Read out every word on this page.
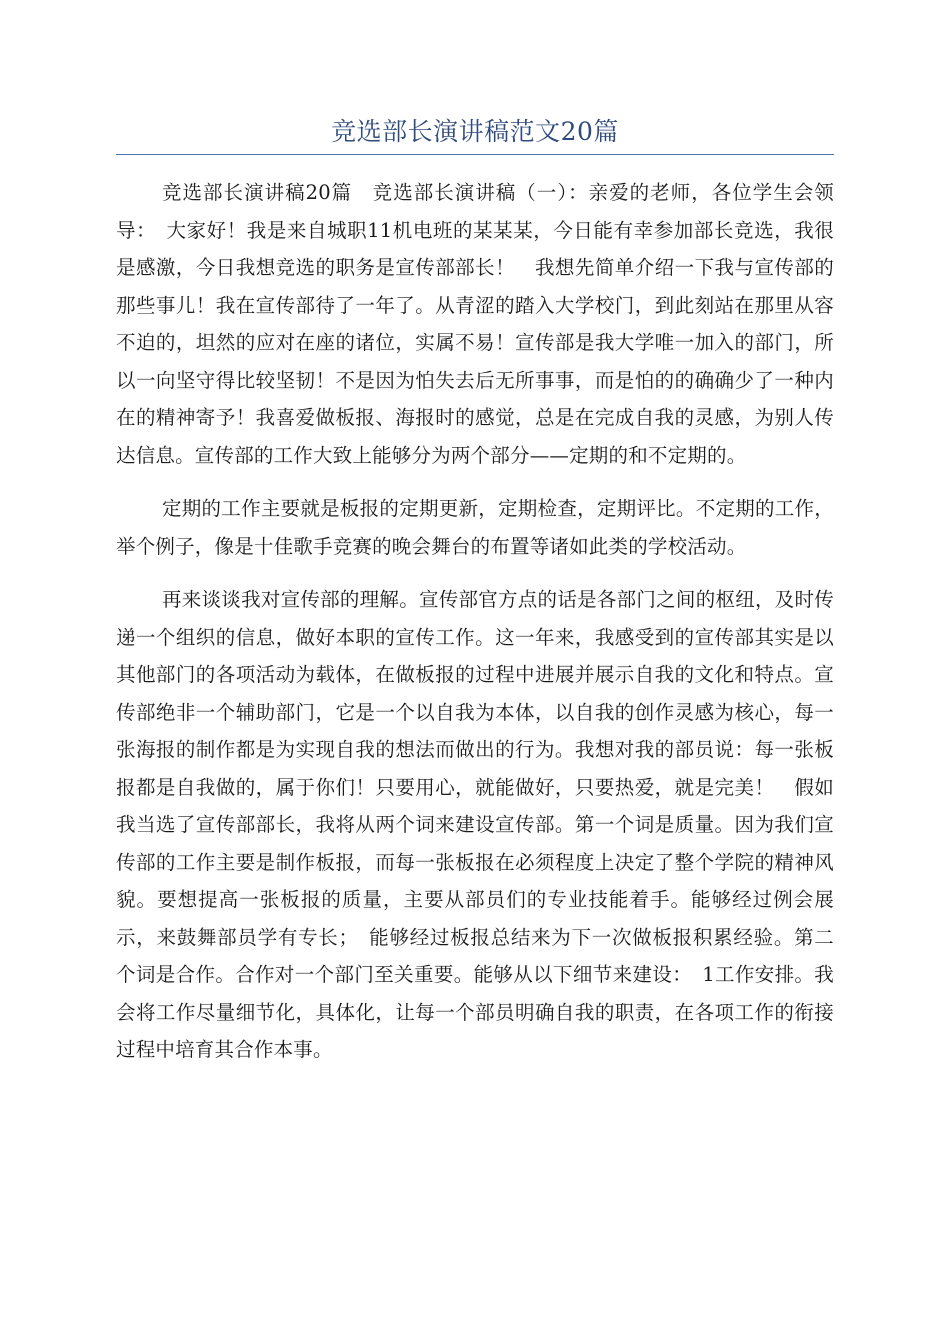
竞选部长演讲稿范文20篇

竞选部长演讲稿20篇　竞选部长演讲稿（一）：亲爱的老师，各位学生会领导：　大家好！我是来自城职11机电班的某某某，今日能有幸参加部长竞选，我很是感激，今日我想竞选的职务是宣传部部长！　我想先简单介绍一下我与宣传部的那些事儿！我在宣传部待了一年了。从青涩的踏入大学校门，到此刻站在那里从容不迫的，坦然的应对在座的诸位，实属不易！宣传部是我大学唯一加入的部门，所以一向坚守得比较坚韧！不是因为怕失去后无所事事，而是怕的的确确少了一种内在的精神寄予！我喜爱做板报、海报时的感觉，总是在完成自我的灵感，为别人传达信息。宣传部的工作大致上能够分为两个部分——定期的和不定期的。

定期的工作主要就是板报的定期更新，定期检查，定期评比。不定期的工作，举个例子，像是十佳歌手竞赛的晚会舞台的布置等诸如此类的学校活动。

再来谈谈我对宣传部的理解。宣传部官方点的话是各部门之间的枢纽，及时传递一个组织的信息，做好本职的宣传工作。这一年来，我感受到的宣传部其实是以其他部门的各项活动为载体，在做板报的过程中进展并展示自我的文化和特点。宣传部绝非一个辅助部门，它是一个以自我为本体，以自我的创作灵感为核心，每一张海报的制作都是为实现自我的想法而做出的行为。我想对我的部员说：每一张板报都是自我做的，属于你们！只要用心，就能做好，只要热爱，就是完美！　假如我当选了宣传部部长，我将从两个词来建设宣传部。第一个词是质量。因为我们宣传部的工作主要是制作板报，而每一张板报在必须程度上决定了整个学院的精神风貌。要想提高一张板报的质量，主要从部员们的专业技能着手。能够经过例会展示，来鼓舞部员学有专长；　能够经过板报总结来为下一次做板报积累经验。第二个词是合作。合作对一个部门至关重要。能够从以下细节来建设：　1工作安排。我会将工作尽量细节化，具体化，让每一个部员明确自我的职责，在各项工作的衔接过程中培育其合作本事。
